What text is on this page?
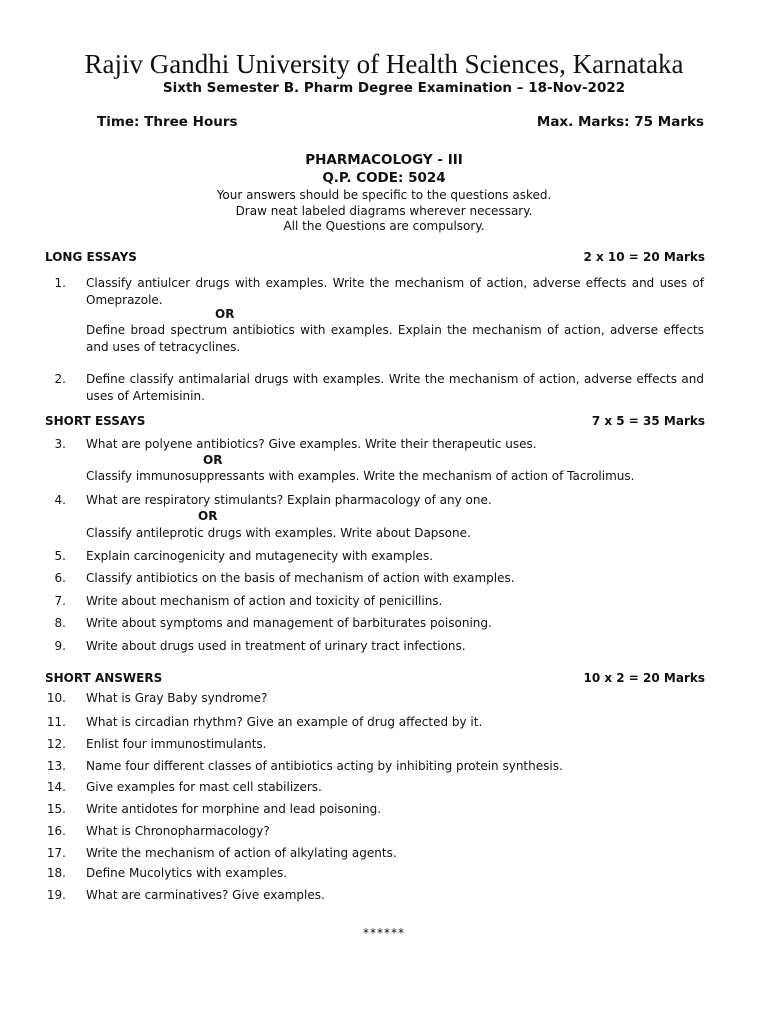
Rajiv Gandhi University of Health Sciences, Karnataka
Sixth Semester B. Pharm Degree Examination – 18-Nov-2022
Time: Three Hours	Max. Marks: 75 Marks
PHARMACOLOGY - III
Q.P. CODE: 5024
Your answers should be specific to the questions asked.
Draw neat labeled diagrams wherever necessary.
All the Questions are compulsory.
LONG ESSAYS	2 x 10 = 20 Marks
1. Classify antiulcer drugs with examples. Write the mechanism of action, adverse effects and uses of Omeprazole.
OR
Define broad spectrum antibiotics with examples. Explain the mechanism of action, adverse effects and uses of tetracyclines.
2. Define classify antimalarial drugs with examples. Write the mechanism of action, adverse effects and uses of Artemisinin.
SHORT ESSAYS	7 x 5 = 35 Marks
3. What are polyene antibiotics? Give examples. Write their therapeutic uses.
OR
Classify immunosuppressants with examples. Write the mechanism of action of Tacrolimus.
4. What are respiratory stimulants? Explain pharmacology of any one.
OR
Classify antileprotic drugs with examples. Write about Dapsone.
5. Explain carcinogenicity and mutagenecity with examples.
6. Classify antibiotics on the basis of mechanism of action with examples.
7. Write about mechanism of action and toxicity of penicillins.
8. Write about symptoms and management of barbiturates poisoning.
9. Write about drugs used in treatment of urinary tract infections.
SHORT ANSWERS	10 x 2 = 20 Marks
10. What is Gray Baby syndrome?
11. What is circadian rhythm? Give an example of drug affected by it.
12. Enlist four immunostimulants.
13. Name four different classes of antibiotics acting by inhibiting protein synthesis.
14. Give examples for mast cell stabilizers.
15. Write antidotes for morphine and lead poisoning.
16. What is Chronopharmacology?
17. Write the mechanism of action of alkylating agents.
18. Define Mucolytics with examples.
19. What are carminatives? Give examples.
******
